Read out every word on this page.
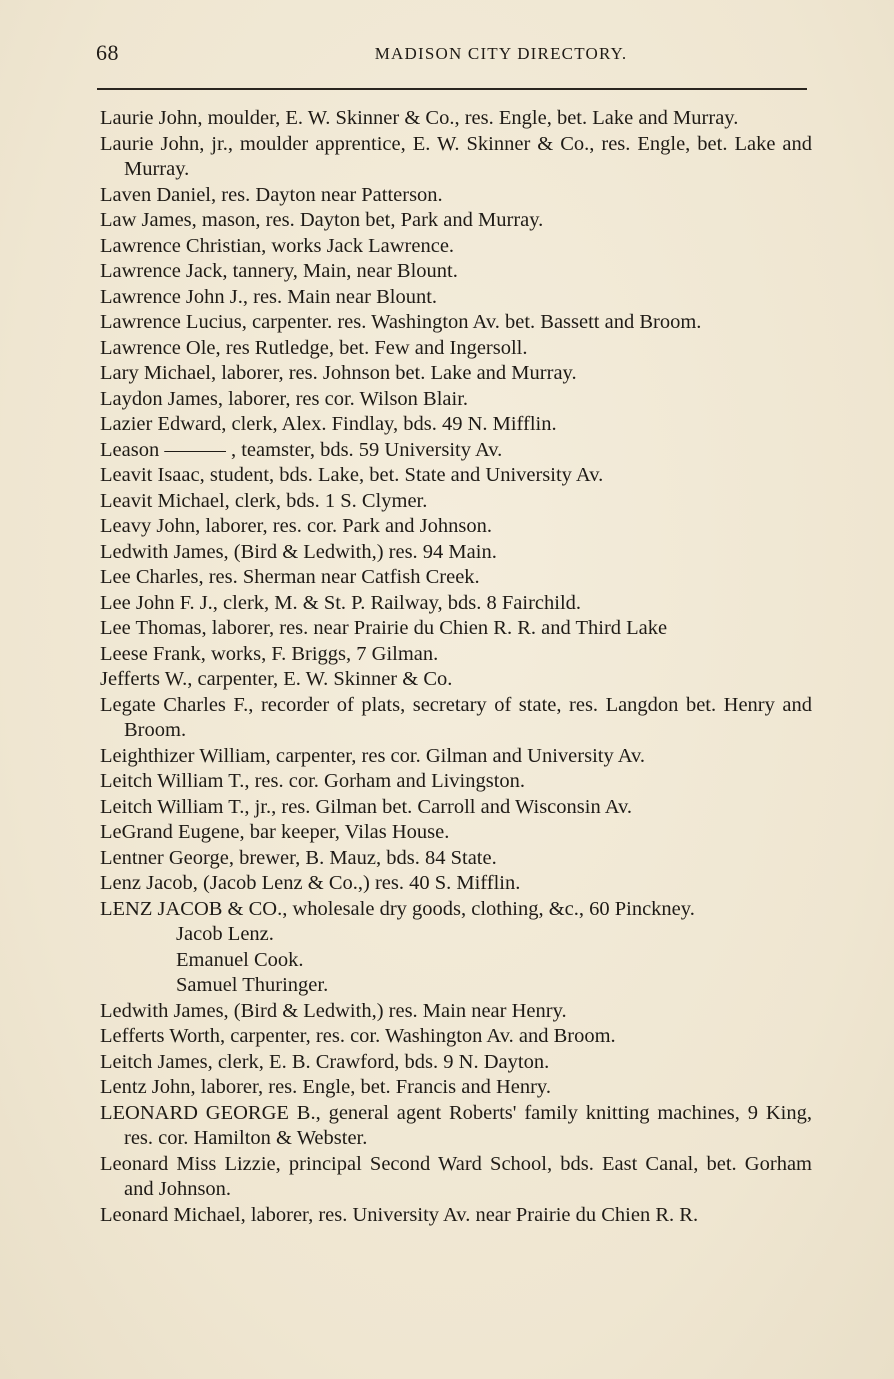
68	MADISON CITY DIRECTORY.
Laurie John, moulder, E. W. Skinner & Co., res. Engle, bet. Lake and Murray.
Laurie John, jr., moulder apprentice, E. W. Skinner & Co., res. Engle, bet. Lake and Murray.
Laven Daniel, res. Dayton near Patterson.
Law James, mason, res. Dayton bet, Park and Murray.
Lawrence Christian, works Jack Lawrence.
Lawrence Jack, tannery, Main, near Blount.
Lawrence John J., res. Main near Blount.
Lawrence Lucius, carpenter. res. Washington Av. bet. Bassett and Broom.
Lawrence Ole, res Rutledge, bet. Few and Ingersoll.
Lary Michael, laborer, res. Johnson bet. Lake and Murray.
Laydon James, laborer, res cor. Wilson Blair.
Lazier Edward, clerk, Alex. Findlay, bds. 49 N. Mifflin.
Leason ——— , teamster, bds. 59 University Av.
Leavit Isaac, student, bds. Lake, bet. State and University Av.
Leavit Michael, clerk, bds. 1 S. Clymer.
Leavy John, laborer, res. cor. Park and Johnson.
Ledwith James, (Bird & Ledwith,) res. 94 Main.
Lee Charles, res. Sherman near Catfish Creek.
Lee John F. J., clerk, M. & St. P. Railway, bds. 8 Fairchild.
Lee Thomas, laborer, res. near Prairie du Chien R. R. and Third Lake
Leese Frank, works, F. Briggs, 7 Gilman.
Jefferts W., carpenter, E. W. Skinner & Co.
Legate Charles F., recorder of plats, secretary of state, res. Langdon bet. Henry and Broom.
Leighthizer William, carpenter, res cor. Gilman and University Av.
Leitch William T., res. cor. Gorham and Livingston.
Leitch William T., jr., res. Gilman bet. Carroll and Wisconsin Av.
LeGrand Eugene, bar keeper, Vilas House.
Lentner George, brewer, B. Mauz, bds. 84 State.
Lenz Jacob, (Jacob Lenz & Co.,) res. 40 S. Mifflin.
LENZ JACOB & CO., wholesale dry goods, clothing, &c., 60 Pinckney.
Jacob Lenz.
Emanuel Cook.
Samuel Thuringer.
Ledwith James, (Bird & Ledwith,) res. Main near Henry.
Lefferts Worth, carpenter, res. cor. Washington Av. and Broom.
Leitch James, clerk, E. B. Crawford, bds. 9 N. Dayton.
Lentz John, laborer, res. Engle, bet. Francis and Henry.
LEONARD GEORGE B., general agent Roberts' family knitting machines, 9 King, res. cor. Hamilton & Webster.
Leonard Miss Lizzie, principal Second Ward School, bds. East Canal, bet. Gorham and Johnson.
Leonard Michael, laborer, res. University Av. near Prairie du Chien R. R.
